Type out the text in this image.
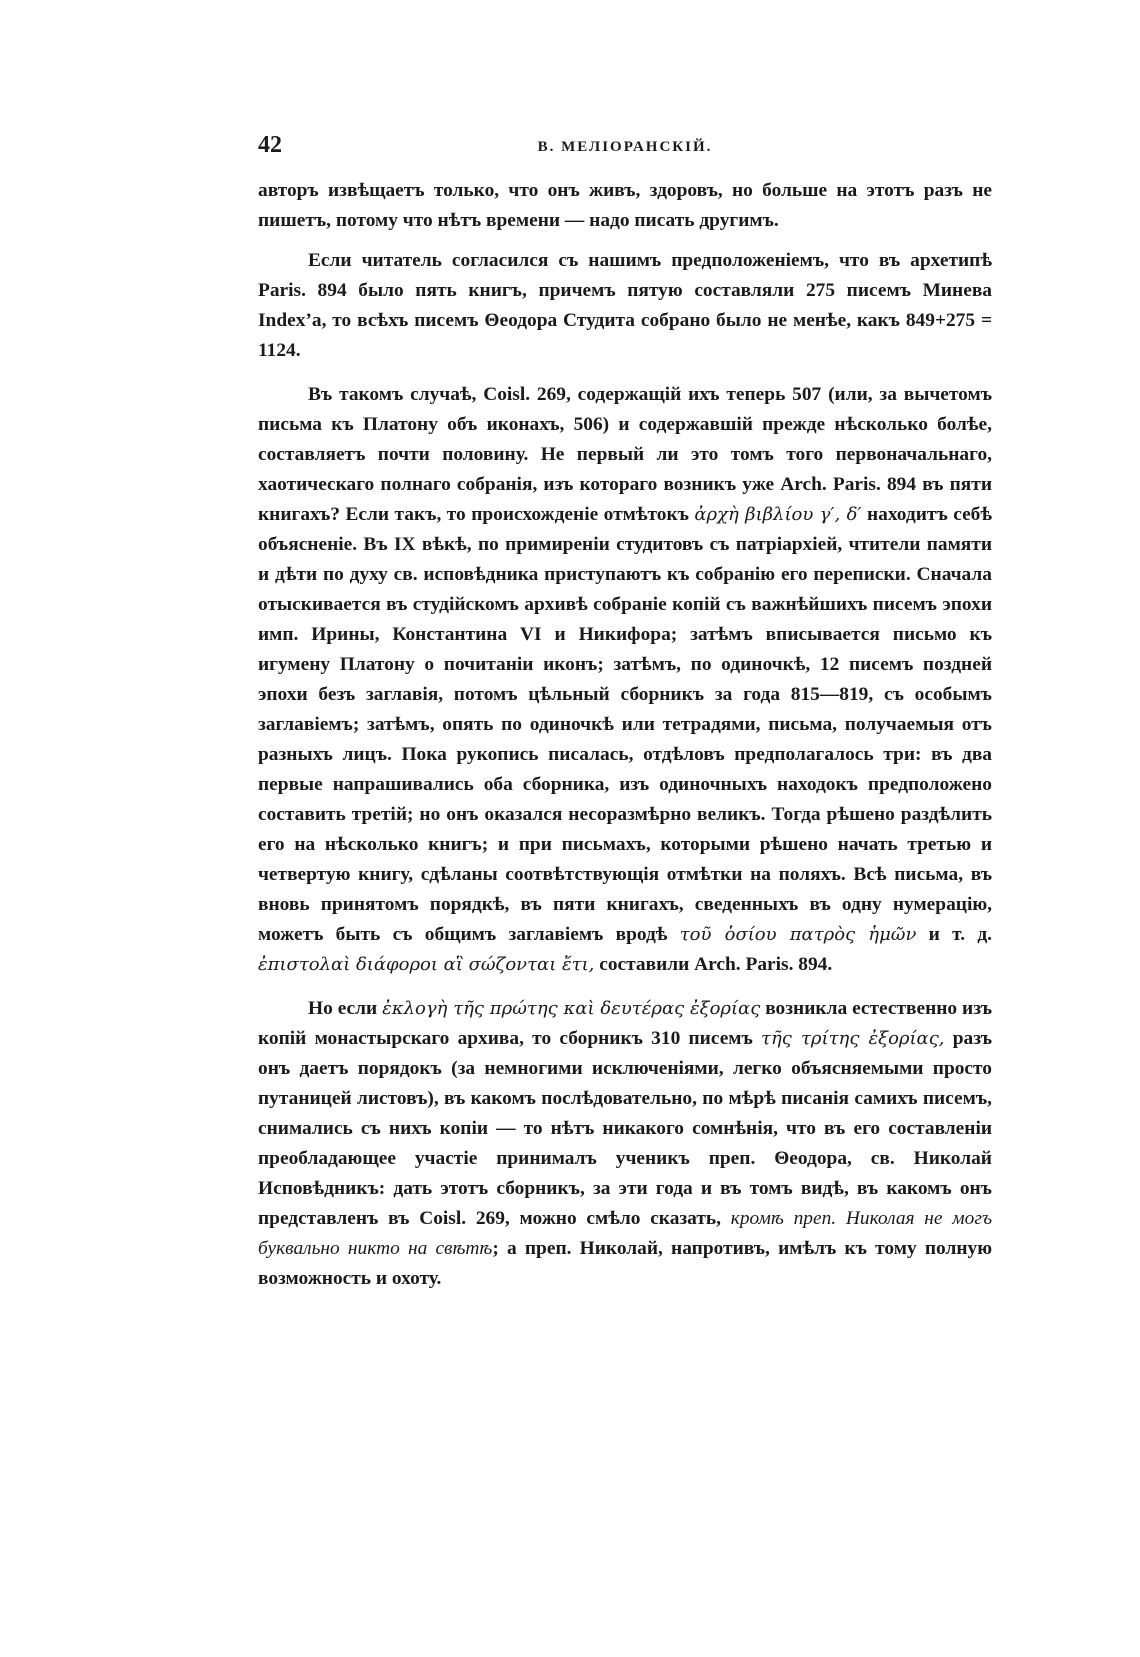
42	В. МЕЛІОРАНСКІЙ.

авторъ извѣщаетъ только, что онъ живъ, здоровъ, но больше на этотъ разъ не пишетъ, потому что нѣтъ времени — надо писать другимъ.

Если читатель согласился съ нашимъ предположеніемъ, что въ архетипѣ Paris. 894 было пять книгъ, причемъ пятую составляли 275 писемъ Минева Index’а, то всѣхъ писемъ Θеодора Студита собрано было не менѣе, какъ 849+275 = 1124.

Въ такомъ случаѣ, Coisl. 269, содержащій ихъ теперь 507 (или, за вычетомъ письма къ Платону объ иконахъ, 506) и содержавшій прежде нѣсколько болѣе, составляетъ почти половину. Не первый ли это томъ того первоначальнаго, хаотическаго полнаго собранія, изъ котораго возникъ уже Arch. Paris. 894 въ пяти книгахъ? Если такъ, то происхожденіе отмѣтокъ ἀρχὴ βιβλίου γ′, δ′ находитъ себѣ объясненіе. Въ IX вѣкѣ, по примиреніи студитовъ съ патріархіей, чтители памяти и дѣти по духу св. исповѣдника приступаютъ къ собранію его переписки. Сначала отыскивается въ студійскомъ архивѣ собраніе копій съ важнѣйшихъ писемъ эпохи имп. Ирины, Константина VI и Никифора; затѣмъ вписывается письмо къ игумену Платону о почитаніи иконъ; затѣмъ, по одиночкѣ, 12 писемъ поздней эпохи безъ заглавія, потомъ цѣльный сборникъ за года 815—819, съ особымъ заглавіемъ; затѣмъ, опять по одиночкѣ или тетрадями, письма, получаемыя отъ разныхъ лицъ. Пока рукопись писалась, отдѣловъ предполагалось три: въ два первые напрашивались оба сборника, изъ одиночныхъ находокъ предположено составить третій; но онъ оказался несоразмѣрно великъ. Тогда рѣшено раздѣлить его на нѣсколько книгъ; и при письмахъ, которыми рѣшено начать третью и четвертую книгу, сдѣланы соотвѣтствующія отмѣтки на поляхъ. Всѣ письма, въ вновь принятомъ порядкѣ, въ пяти книгахъ, сведенныхъ въ одну нумерацію, можетъ быть съ общимъ заглавіемъ вродѣ τοῦ ὁσίου πατρὸς ἡμῶν и т. д. ἐπιστολαὶ διάφοροι αἳ σώζονται ἔτι, составили Arch. Paris. 894.

Но если ἐκλογὴ τῆς πρώτης καὶ δευτέρας ἐξορίας возникла естественно изъ копій монастырскаго архива, то сборникъ 310 писемъ τῆς τρίτης ἐξορίας, разъ онъ даетъ порядокъ (за немногими исключеніями, легко объясняемыми просто путаницей листовъ), въ какомъ послѣдовательно, по мѣрѣ писанія самихъ писемъ, снимались съ нихъ копіи — то нѣтъ никакого сомнѣнія, что въ его составленіи преобладающее участіе принималъ ученикъ преп. Θеодора, св. Николай Исповѣдникъ: дать этотъ сборникъ, за эти года и въ томъ видѣ, въ какомъ онъ представленъ въ Coisl. 269, можно смѣло сказать, кромѣ преп. Николая не могъ буквально никто на свѣтѣ; а преп. Николай, напротивъ, имѣлъ къ тому полную возможность и охоту.
